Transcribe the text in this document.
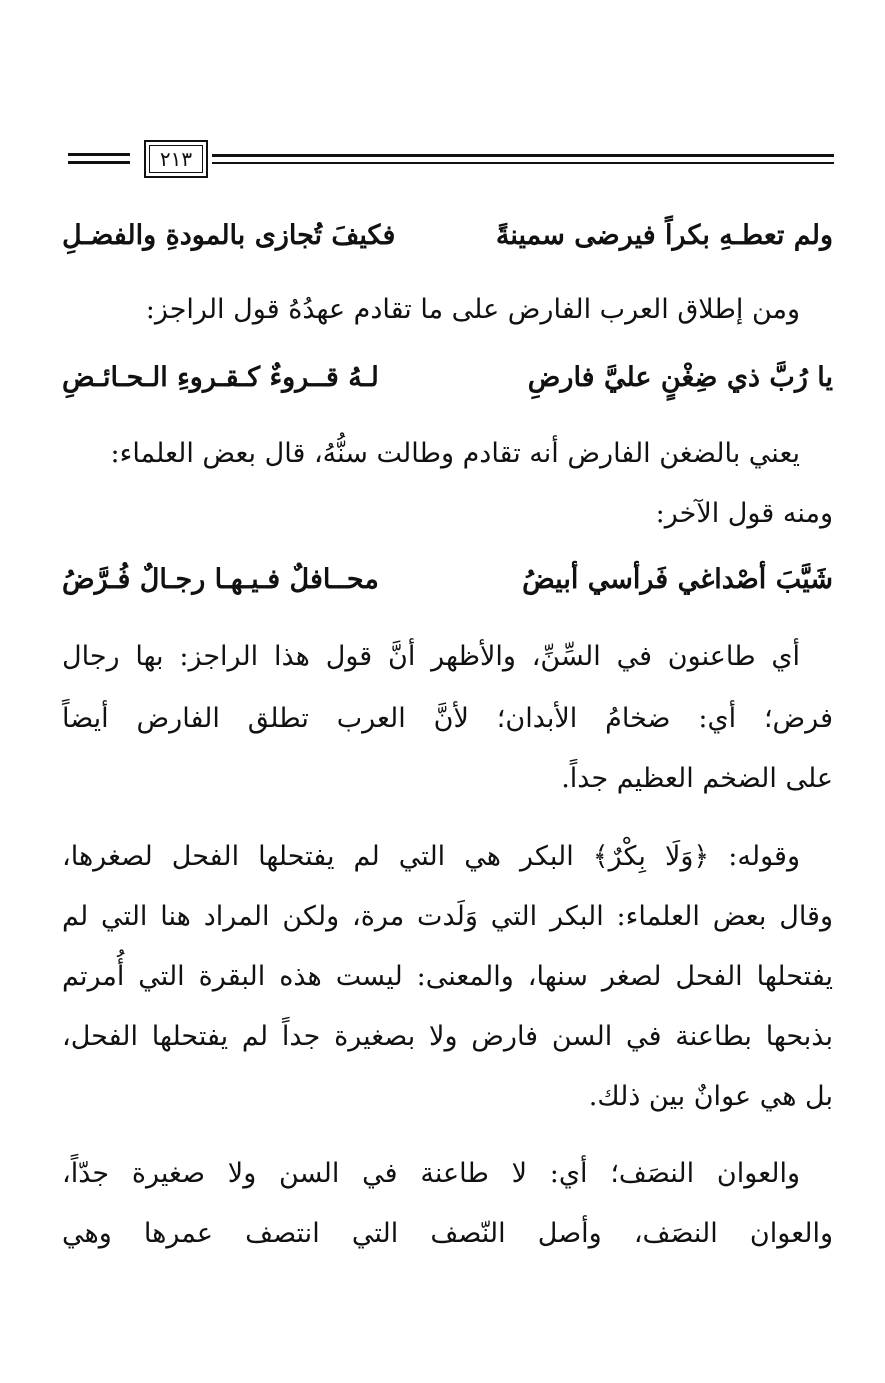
٢١٣
ولم تعطـهِ بكراً فيرضى سمينةً
فكيفَ تُجازى بالمودةِ والفضـلِ
ومن إطلاق العرب الفارض على ما تقادم عهدُهُ قول الراجز:
يا رُبَّ ذي ضِغْنٍ عليَّ فارضِ
لـهُ قــروءٌ كـقـروءِ الـحـائـضِ
يعني بالضغن الفارض أنه تقادم وطالت سنُّهُ، قال بعض العلماء:
ومنه قول الآخر:
شَيَّبَ أصْداغي فَرأسي أبيضُ
محــافلٌ فـيـهـا رجـالٌ فُـرَّضُ
أي طاعنون في السِّنِّ، والأظهر أنَّ قول هذا الراجز: بها رجال
فرض؛ أي: ضخامُ الأبدان؛ لأنَّ العرب تطلق الفارض أيضاً
على الضخم العظيم جداً.
وقوله: ﴿وَلَا بِكْرٌ﴾ البكر هي التي لم يفتحلها الفحل لصغرها،
وقال بعض العلماء: البكر التي وَلَدت مرة، ولكن المراد هنا التي لم
يفتحلها الفحل لصغر سنها، والمعنى: ليست هذه البقرة التي أُمرتم
بذبحها بطاعنة في السن فارض ولا بصغيرة جداً لم يفتحلها الفحل،
بل هي عوانٌ بين ذلك.
والعوان النصَف؛ أي: لا طاعنة في السن ولا صغيرة جدّاً،
والعوان النصَف، وأصل النّصف التي انتصف عمرها وهي
